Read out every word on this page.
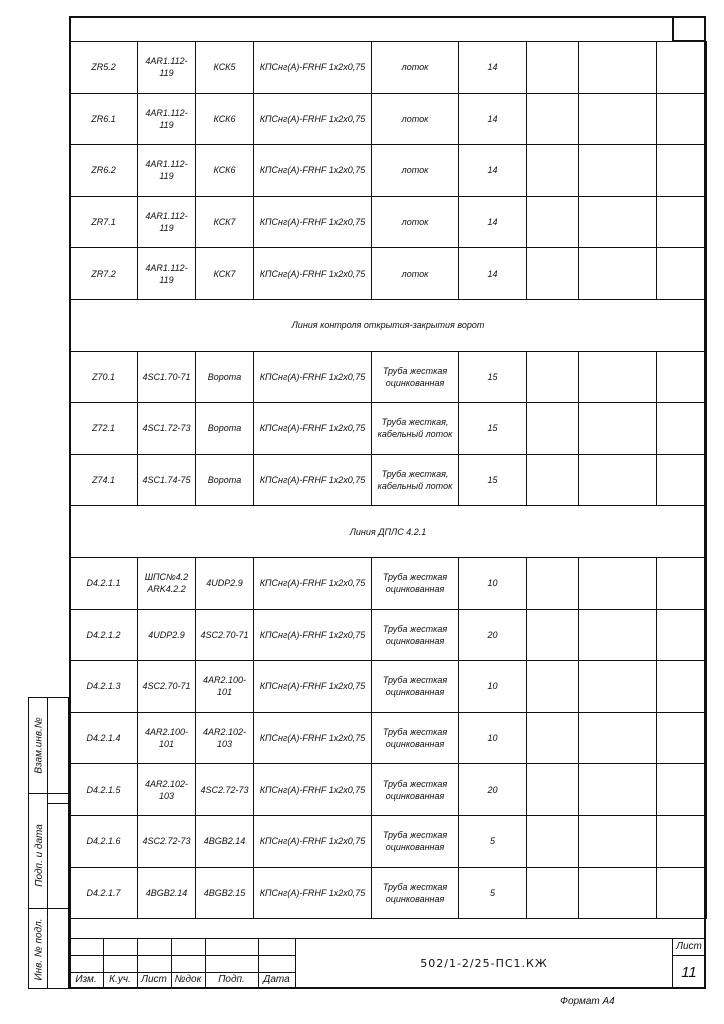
ZR5.2	4AR1.112-119	КСК5	КПСнг(А)-FRHF 1х2х0,75	лоток	14			
ZR6.1	4AR1.112-119	КСК6	КПСнг(А)-FRHF 1х2х0,75	лоток	14			
ZR6.2	4AR1.112-119	КСК6	КПСнг(А)-FRHF 1х2х0,75	лоток	14			
ZR7.1	4AR1.112-119	КСК7	КПСнг(А)-FRHF 1х2х0,75	лоток	14			
ZR7.2	4AR1.112-119	КСК7	КПСнг(А)-FRHF 1х2х0,75	лоток	14			
Линия контроля открытия-закрытия ворот								
Z70.1	4SC1.70-71	Ворота	КПСнг(А)-FRHF 1х2х0,75	Труба жесткая оцинкованная	15			
Z72.1	4SC1.72-73	Ворота	КПСнг(А)-FRHF 1х2х0,75	Труба жесткая, кабельный лоток	15			
Z74.1	4SC1.74-75	Ворота	КПСнг(А)-FRHF 1х2х0,75	Труба жесткая, кабельный лоток	15			
Линия ДПЛС 4.2.1								
D4.2.1.1	ШПС№4.2 ARK4.2.2	4UDP2.9	КПСнг(А)-FRHF 1х2х0,75	Труба жесткая оцинкованная	10			
D4.2.1.2	4UDP2.9	4SC2.70-71	КПСнг(А)-FRHF 1х2х0,75	Труба жесткая оцинкованная	20			
D4.2.1.3	4SC2.70-71	4AR2.100-101	КПСнг(А)-FRHF 1х2х0,75	Труба жесткая оцинкованная	10			
D4.2.1.4	4AR2.100-101	4AR2.102-103	КПСнг(А)-FRHF 1х2х0,75	Труба жесткая оцинкованная	10			
D4.2.1.5	4AR2.102-103	4SC2.72-73	КПСнг(А)-FRHF 1х2х0,75	Труба жесткая оцинкованная	20			
D4.2.1.6	4SC2.72-73	4BGB2.14	КПСнг(А)-FRHF 1х2х0,75	Труба жесткая оцинкованная	5			
D4.2.1.7	4BGB2.14	4BGB2.15	КПСнг(А)-FRHF 1х2х0,75	Труба жесткая оцинкованная	5			
Взам.инв.№
Подп. и дата
Инв. № подл.	Изм.	К.уч.	Лист №док	Подп.	Дата
502/1-2/25-ПС1.КЖ
Лист
11
Формат А4
